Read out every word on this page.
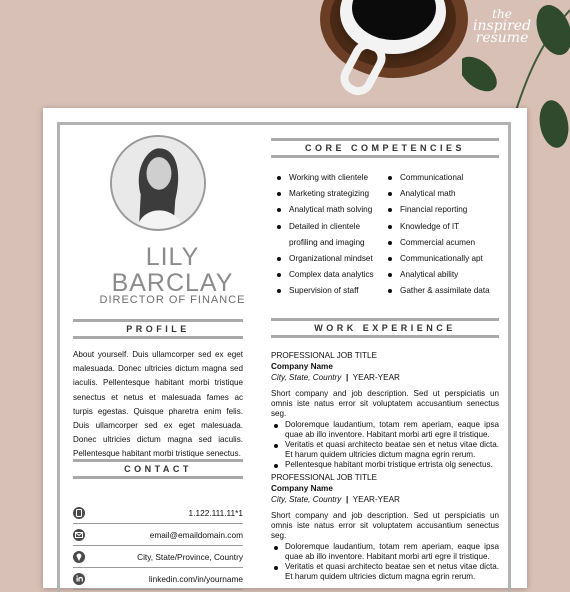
the
inspired
resume
LILY
BARCLAY
DIRECTOR OF FINANCE
PROFILE
About yourself. Duis ullamcorper sed ex eget malesuada. Donec ultricies dictum magna sed iaculis. Pellentesque habitant morbi tristique senectus et netus et malesuada fames ac turpis egestas. Quisque pharetra enim felis. Duis ullamcorper sed ex eget malesuada. Donec ultricies dictum magna sed iaculis. Pellentesque habitant morbi tristique senectus.
CONTACT
1.122.111.11*1
email@emaildomain.com
City, State/Province, Country
linkedin.com/in/yourname
CORE COMPETENCIES
Working with clientele
Marketing strategizing
Analytical math solving
Detailed in clientele
profiling and imaging
Organizational mindset
Complex data analytics
Supervision of staff
Communicational
Analytical math
Financial reporting
Knowledge of IT
Commercial acumen
Communicationally apt
Analytical ability
Gather & assimilate data
WORK EXPERIENCE
PROFESSIONAL JOB TITLE
Company Name
City, State, Country | YEAR-YEAR
Short company and job description. Sed ut perspiciatis un omnis iste natus error sit voluptatem accusantium senectus seg.
Doloremque laudantium, totam rem aperiam, eaque ipsa quae ab illo inventore. Habitant morbi arti egre il tristique.
Veritatis et quasi architecto beatae sen et netus vitae dicta. Et harum quidem ultricies dictum magna egrin rerum.
Pellentesque habitant morbi tristique ertrista olg senectus.
PROFESSIONAL JOB TITLE
Company Name
City, State, Country | YEAR-YEAR
Short company and job description. Sed ut perspiciatis un omnis iste natus error sit voluptatem accusantium senectus seg.
Doloremque laudantium, totam rem aperiam, eaque ipsa quae ab illo inventore. Habitant morbi arti egre il tristique.
Veritatis et quasi architecto beatae sen et netus vitae dicta. Et harum quidem ultricies dictum magna egrin rerum.
